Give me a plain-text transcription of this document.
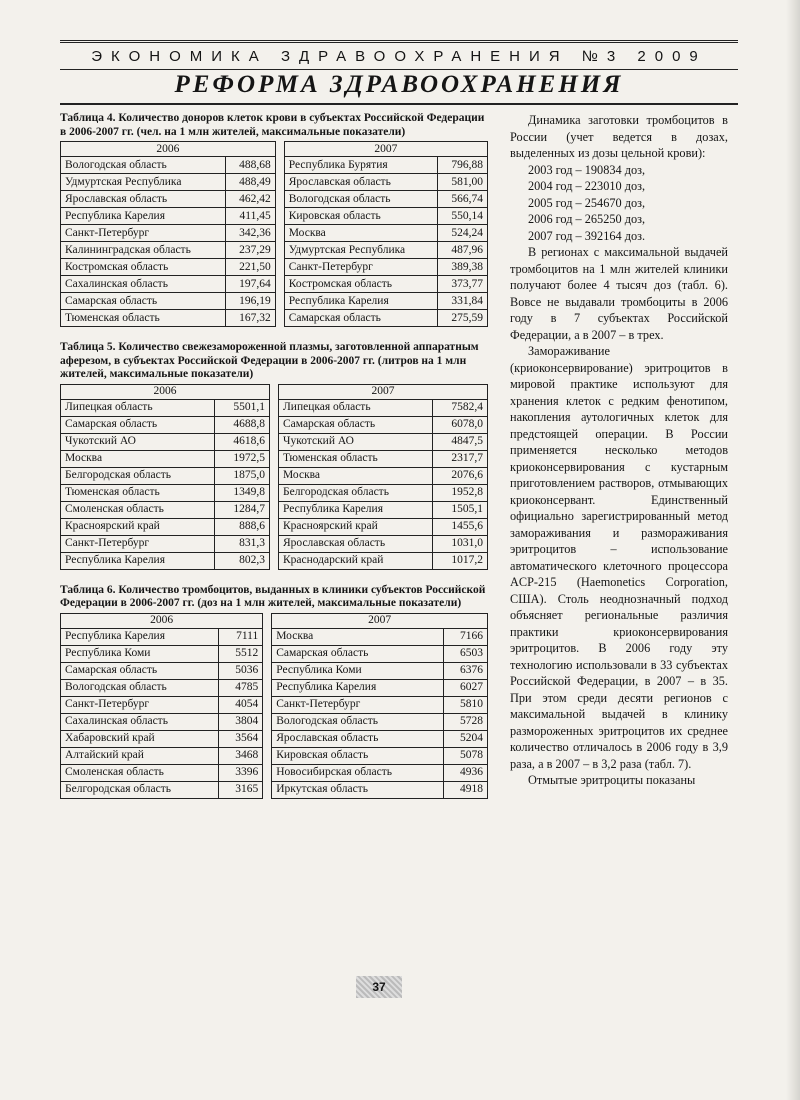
ЭКОНОМИКА ЗДРАВООХРАНЕНИЯ №3 2009
РЕФОРМА ЗДРАВООХРАНЕНИЯ
Таблица 4. Количество доноров клеток крови в субъектах Российской Федерации в 2006-2007 гг. (чел. на 1 млн жителей, максимальные показатели)
2006			2007	
Вологодская область	488,68		Республика Бурятия	796,88
Удмуртская Республика	488,49		Ярославская область	581,00
Ярославская область	462,42		Вологодская область	566,74
Республика Карелия	411,45		Кировская область	550,14
Санкт-Петербург	342,36		Москва	524,24
Калининградская область	237,29		Удмуртская Республика	487,96
Костромская область	221,50		Санкт-Петербург	389,38
Сахалинская область	197,64		Костромская область	373,77
Самарская область	196,19		Республика Карелия	331,84
Тюменская область	167,32		Самарская область	275,59
Таблица 5. Количество свежезамороженной плазмы, заготовленной аппаратным аферезом, в субъектах Российской Федерации в 2006-2007 гг. (литров на 1 млн жителей, максимальные показатели)
2006			2007	
Липецкая область	5501,1		Липецкая область	7582,4
Самарская область	4688,8		Самарская область	6078,0
Чукотский АО	4618,6		Чукотский АО	4847,5
Москва	1972,5		Тюменская область	2317,7
Белгородская область	1875,0		Москва	2076,6
Тюменская область	1349,8		Белгородская область	1952,8
Смоленская область	1284,7		Республика Карелия	1505,1
Красноярский край	888,6		Красноярский край	1455,6
Санкт-Петербург	831,3		Ярославская область	1031,0
Республика Карелия	802,3		Краснодарский край	1017,2
Таблица 6. Количество тромбоцитов, выданных в клиники субъектов Российской Федерации в 2006-2007 гг. (доз на 1 млн жителей, максимальные показатели)
2006			2007	
Республика Карелия	7111		Москва	7166
Республика Коми	5512		Самарская область	6503
Самарская область	5036		Республика Коми	6376
Вологодская область	4785		Республика Карелия	6027
Санкт-Петербург	4054		Санкт-Петербург	5810
Сахалинская область	3804		Вологодская область	5728
Хабаровский край	3564		Ярославская область	5204
Алтайский край	3468		Кировская область	5078
Смоленская область	3396		Новосибирская область	4936
Белгородская область	3165		Иркутская область	4918

Динамика заготовки тромбоцитов в России (учет ведется в дозах, выделенных из дозы цельной крови):

2003 год – 190834 доз,
2004 год – 223010 доз,
2005 год – 254670 доз,
2006 год – 265250 доз,
2007 год – 392164 доз.

В регионах с максимальной выдачей тромбоцитов на 1 млн жителей клиники получают более 4 тысяч доз (табл. 6). Вовсе не выдавали тромбоциты в 2006 году в 7 субъектах Российской Федерации, а в 2007 – в трех.

Замораживание (криоконсервирование) эритроцитов в мировой практике используют для хранения клеток с редким фенотипом, накопления аутологичных клеток для предстоящей операции. В России применяется несколько методов криоконсервирования с кустарным приготовлением растворов, отмывающих криоконсервант. Единственный официально зарегистрированный метод замораживания и размораживания эритроцитов – использование автоматического клеточного процессора ACP-215 (Haemonetics Corporation, США). Столь неоднозначный подход объясняет региональные различия практики криоконсервирования эритроцитов. В 2006 году эту технологию использовали в 33 субъектах Российской Федерации, в 2007 – в 35. При этом среди десяти регионов с максимальной выдачей в клинику размороженных эритроцитов их среднее количество отличалось в 2006 году в 3,9 раза, а в 2007 – в 3,2 раза (табл. 7).

Отмытые эритроциты показаны

37
